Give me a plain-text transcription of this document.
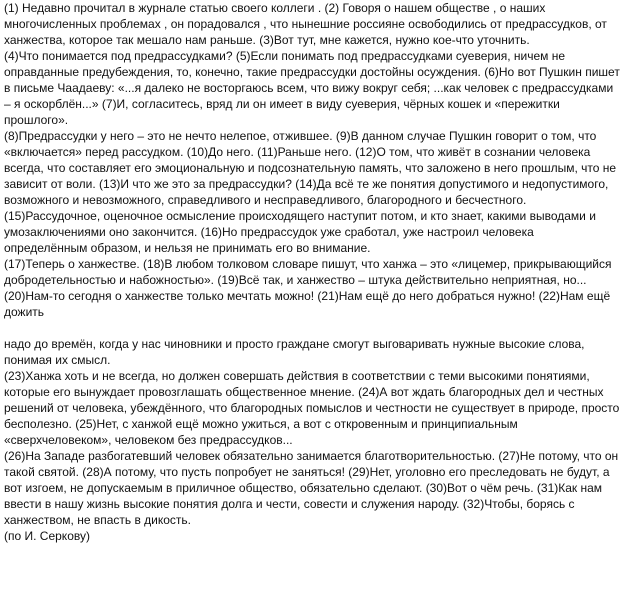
(1) Недавно прочитал в журнале статью своего коллеги . (2) Говоря о нашем обществе , о наших многочисленных проблемах , он порадовался , что нынешние россияне освободились от предрассудков, от ханжества, которое так мешало нам раньше. (3)Вот тут, мне кажется, нужно кое-что уточнить.

(4)Что понимается под предрассудками? (5)Если понимать под предрассудками суеверия, ничем не оправданные предубеждения, то, конечно, такие предрассудки достойны осуждения. (6)Но вот Пушкин пишет в письме Чаадаеву: «...я далеко не восторгаюсь всем, что вижу вокруг себя; ...как человек с предрассудками – я оскорблён...» (7)И, согласитесь, вряд ли он имеет в виду суеверия, чёрных кошек и «пережитки прошлого».

(8)Предрассудки у него – это не нечто нелепое, отжившее. (9)В данном случае Пушкин говорит о том, что «включается» перед рассудком. (10)До него. (11)Раньше него. (12)О том, что живёт в сознании человека всегда, что составляет его эмоциональную и подсознательную память, что заложено в него прошлым, что не зависит от воли. (13)И что же это за предрассудки? (14)Да всё те же понятия допустимого и недопустимого, возможного и невозможного, справедливого и несправедливого, благородного и бесчестного.

(15)Рассудочное, оценочное осмысление происходящего наступит потом, и кто знает, какими выводами и умозаключениями оно закончится. (16)Но предрассудок уже сработал, уже настроил человека определённым образом, и нельзя не принимать его во внимание.

(17)Теперь о ханжестве. (18)В любом толковом словаре пишут, что ханжа – это «лицемер, прикрывающийся добродетельностью и набожностью». (19)Всё так, и ханжество – штука действительно неприятная, но... (20)Нам-то сегодня о ханжестве только мечтать можно! (21)Нам ещё до него добраться нужно! (22)Нам ещё дожить

надо до времён, когда у нас чиновники и просто граждане смогут выговаривать нужные высокие слова, понимая их смысл.

(23)Ханжа хоть и не всегда, но должен совершать действия в соответствии с теми высокими понятиями, которые его вынуждает провозглашать общественное мнение. (24)А вот ждать благородных дел и честных решений от человека, убеждённого, что благородных помыслов и честности не существует в природе, просто бесполезно. (25)Нет, с ханжой ещё можно ужиться, а вот с откровенным и принципиальным «сверхчеловеком», человеком без предрассудков...

(26)На Западе разбогатевший человек обязательно занимается благотворительностью. (27)Не потому, что он такой святой. (28)А потому, что пусть попробует не заняться! (29)Нет, уголовно его преследовать не будут, а вот изгоем, не допускаемым в приличное общество, обязательно сделают. (30)Вот о чём речь. (31)Как нам ввести в нашу жизнь высокие понятия долга и чести, совести и служения народу. (32)Чтобы, борясь с ханжеством, не впасть в дикость.

(по И. Серкову)
